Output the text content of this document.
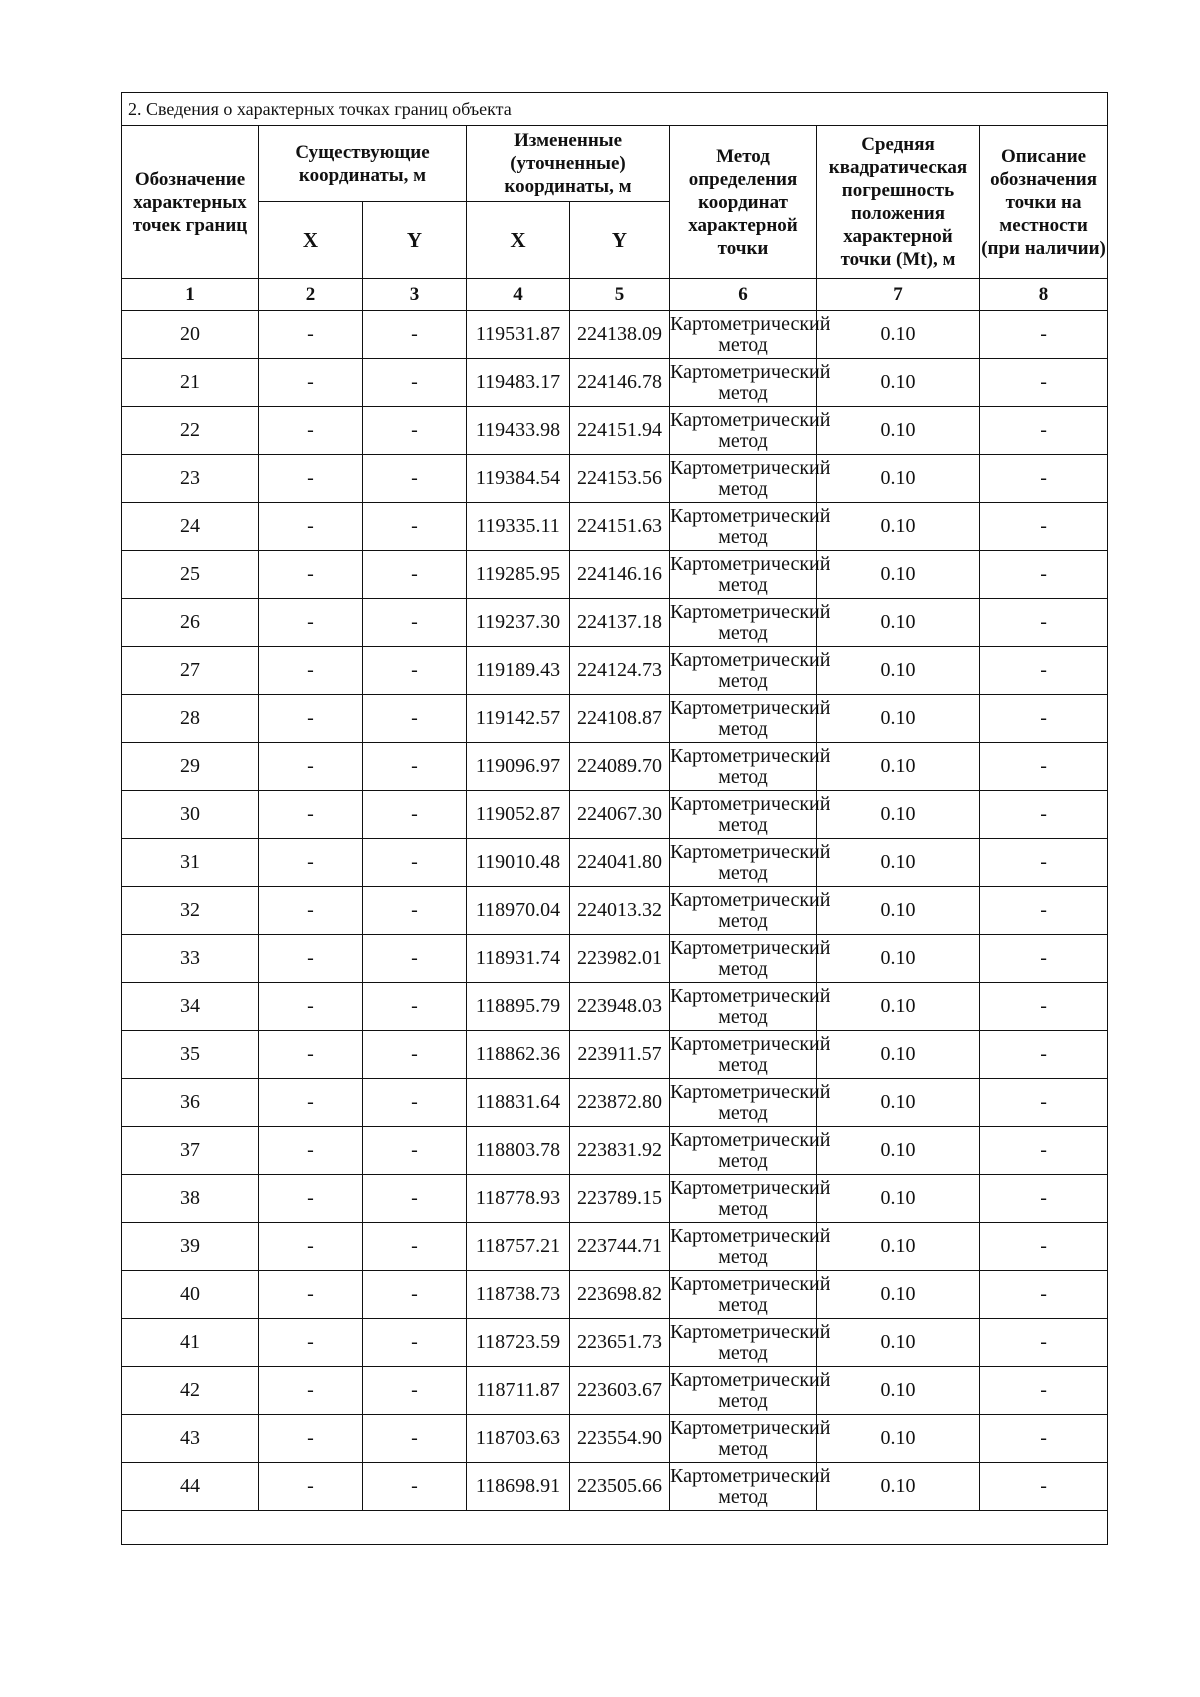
2. Сведения о характерных точках границ объекта							
Обозначение характерных точек границ	Существующие координаты, м		Измененные (уточненные) координаты, м		Метод определения координат характерной точки	Средняя квадратическая погрешность положения характерной точки (Mt), м	Описание обозначения точки на местности (при наличии)
	X	Y	X	Y			
1	2	3	4	5	6	7	8
20	-	-	119531.87	224138.09	Картометрический метод	0.10	-
21	-	-	119483.17	224146.78	Картометрический метод	0.10	-
22	-	-	119433.98	224151.94	Картометрический метод	0.10	-
23	-	-	119384.54	224153.56	Картометрический метод	0.10	-
24	-	-	119335.11	224151.63	Картометрический метод	0.10	-
25	-	-	119285.95	224146.16	Картометрический метод	0.10	-
26	-	-	119237.30	224137.18	Картометрический метод	0.10	-
27	-	-	119189.43	224124.73	Картометрический метод	0.10	-
28	-	-	119142.57	224108.87	Картометрический метод	0.10	-
29	-	-	119096.97	224089.70	Картометрический метод	0.10	-
30	-	-	119052.87	224067.30	Картометрический метод	0.10	-
31	-	-	119010.48	224041.80	Картометрический метод	0.10	-
32	-	-	118970.04	224013.32	Картометрический метод	0.10	-
33	-	-	118931.74	223982.01	Картометрический метод	0.10	-
34	-	-	118895.79	223948.03	Картометрический метод	0.10	-
35	-	-	118862.36	223911.57	Картометрический метод	0.10	-
36	-	-	118831.64	223872.80	Картометрический метод	0.10	-
37	-	-	118803.78	223831.92	Картометрический метод	0.10	-
38	-	-	118778.93	223789.15	Картометрический метод	0.10	-
39	-	-	118757.21	223744.71	Картометрический метод	0.10	-
40	-	-	118738.73	223698.82	Картометрический метод	0.10	-
41	-	-	118723.59	223651.73	Картометрический метод	0.10	-
42	-	-	118711.87	223603.67	Картометрический метод	0.10	-
43	-	-	118703.63	223554.90	Картометрический метод	0.10	-
44	-	-	118698.91	223505.66	Картометрический метод	0.10	-
